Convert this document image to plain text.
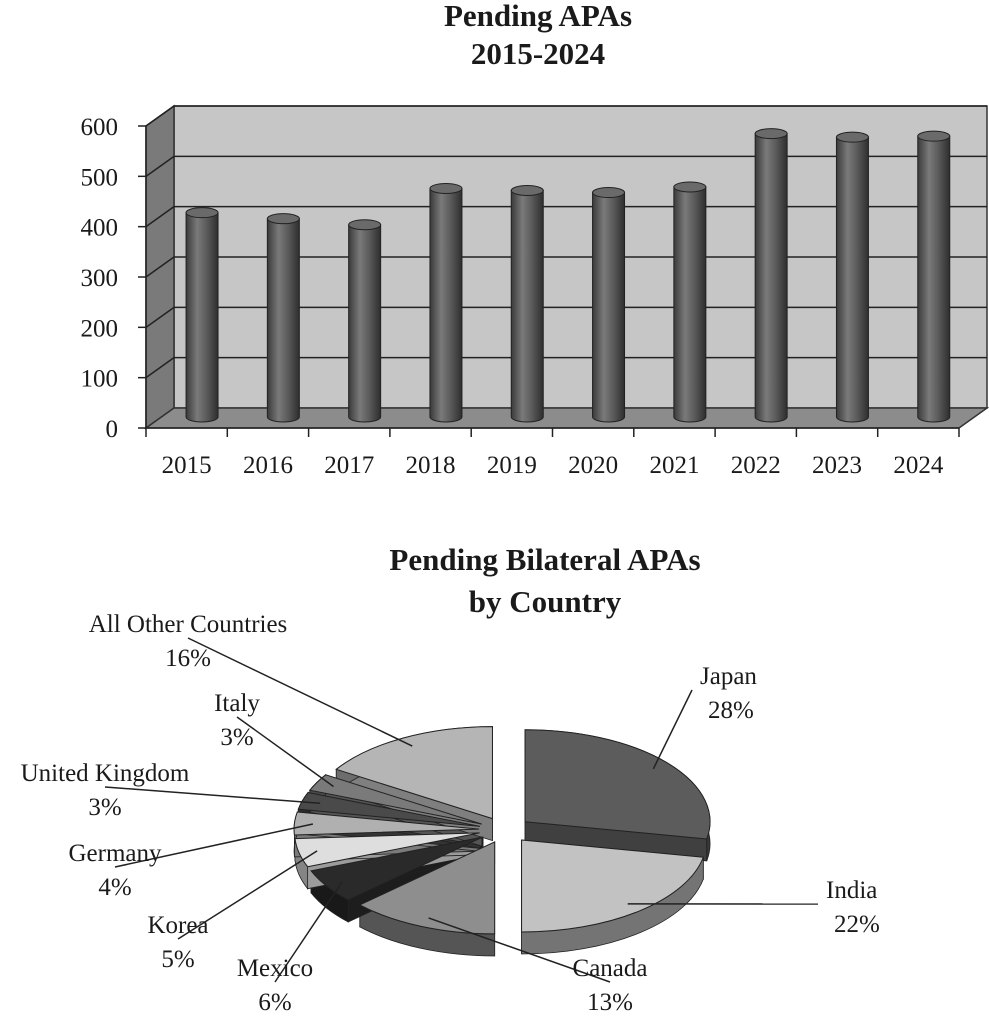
Pending APAs
2015-2024
0
100
200
300
400
500
600
2015 2016 2017 2018 2019 2020 2021 2022 2023 2024
Pending Bilateral APAs
by Country
Japan
28%
India
22%
Canada
13%
Mexico
6%
Korea
5%
Germany
4%
United Kingdom
3%
Italy
3%
All Other Countries
16%
